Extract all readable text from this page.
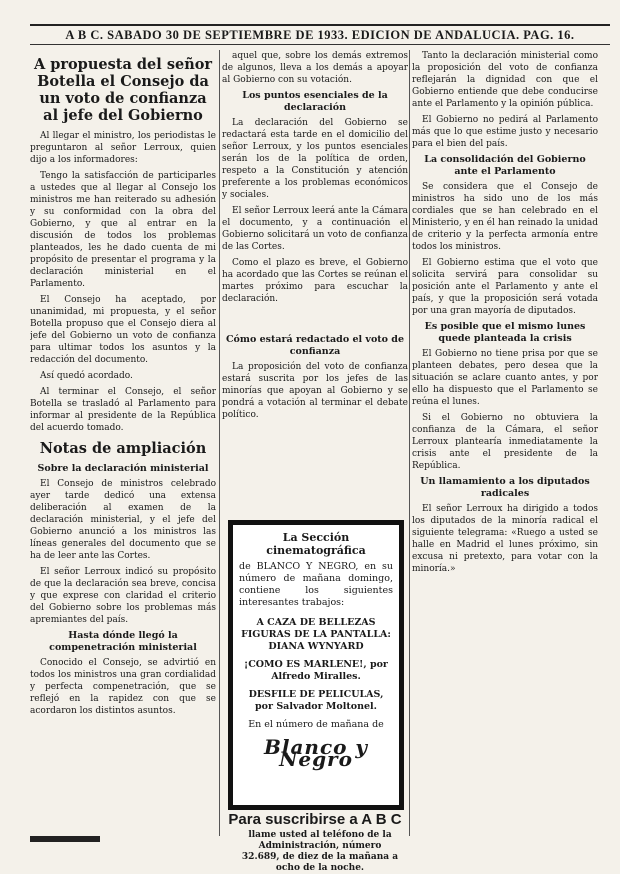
A B C. SABADO 30 DE SEPTIEMBRE DE 1933. EDICION DE ANDALUCIA. PAG. 16.
A propuesta del señor Botella el Consejo da un voto de confianza al jefe del Gobierno

Al llegar el ministro, los periodistas le preguntaron al señor Lerroux, quien dijo a los informadores:

Tengo la satisfacción de participarles a ustedes que al llegar al Consejo los ministros me han reiterado su adhesión y su conformidad con la obra del Gobierno, y que al entrar en la discusión de todos los problemas planteados, les he dado cuenta de mi propósito de presentar el programa y la declaración ministerial en el Parlamento.

El Consejo ha aceptado, por unanimidad, mi propuesta, y el señor Botella propuso que el Consejo diera al jefe del Gobierno un voto de confianza para ultimar todos los asuntos y la redacción del documento.

Así quedó acordado.

Al terminar el Consejo, el señor Botella se trasladó al Parlamento para informar al presidente de la República del acuerdo tomado.

Notas de ampliación
Sobre la declaración ministerial

El Consejo de ministros celebrado ayer tarde dedicó una extensa deliberación al examen de la declaración ministerial, y el jefe del Gobierno anunció a los ministros las líneas generales del documento que se ha de leer ante las Cortes.

El señor Lerroux indicó su propósito de que la declaración sea breve, concisa y que exprese con claridad el criterio del Gobierno sobre los problemas más apremiantes del país.

Hasta dónde llegó la compenetración ministerial

Conocido el Consejo, se advirtió en todos los ministros una gran cordialidad y perfecta compenetración, que se reflejó en la rapidez con que se acordaron los distintos asuntos.

aquel que, sobre los demás extremos de algunos, lleva a los demás a apoyar al Gobierno con su votación.

Los puntos esenciales de la declaración

La declaración del Gobierno se redactará esta tarde en el domicilio del señor Lerroux, y los puntos esenciales serán los de la política de orden, respeto a la Constitución y atención preferente a los problemas económicos y sociales.

El señor Lerroux leerá ante la Cámara el documento, y a continuación el Gobierno solicitará un voto de confianza de las Cortes.

Como el plazo es breve, el Gobierno ha acordado que las Cortes se reúnan el martes próximo para escuchar la declaración.

Cómo estará redactado el voto de confianza

La proposición del voto de confianza estará suscrita por los jefes de las minorías que apoyan al Gobierno y se pondrá a votación al terminar el debate político.

La Sección cinematográfica
de BLANCO Y NEGRO, en su número de mañana domingo, contiene los siguientes interesantes trabajos:
A CAZA DE BELLEZAS FIGURAS DE LA PANTALLA: DIANA WYNYARD
¡COMO ES MARLENE!, por Alfredo Miralles.
DESFILE DE PELICULAS, por Salvador Moltonel.
En el número de mañana de
Blanco y Negro
Para suscribirse a A B C
llame usted al teléfono de la Administración, número 32.689, de diez de la mañana a ocho de la noche.

Tanto la declaración ministerial como la proposición del voto de confianza reflejarán la dignidad con que el Gobierno entiende que debe conducirse ante el Parlamento y la opinión pública.

El Gobierno no pedirá al Parlamento más que lo que estime justo y necesario para el bien del país.

La consolidación del Gobierno ante el Parlamento

Se considera que el Consejo de ministros ha sido uno de los más cordiales que se han celebrado en el Ministerio, y en él han reinado la unidad de criterio y la perfecta armonía entre todos los ministros.

El Gobierno estima que el voto que solicita servirá para consolidar su posición ante el Parlamento y ante el país, y que la proposición será votada por una gran mayoría de diputados.

Es posible que el mismo lunes quede planteada la crisis

El Gobierno no tiene prisa por que se planteen debates, pero desea que la situación se aclare cuanto antes, y por ello ha dispuesto que el Parlamento se reúna el lunes.

Si el Gobierno no obtuviera la confianza de la Cámara, el señor Lerroux plantearía inmediatamente la crisis ante el presidente de la República.

Un llamamiento a los diputados radicales

El señor Lerroux ha dirigido a todos los diputados de la minoría radical el siguiente telegrama: «Ruego a usted se halle en Madrid el lunes próximo, sin excusa ni pretexto, para votar con la minoría.»
